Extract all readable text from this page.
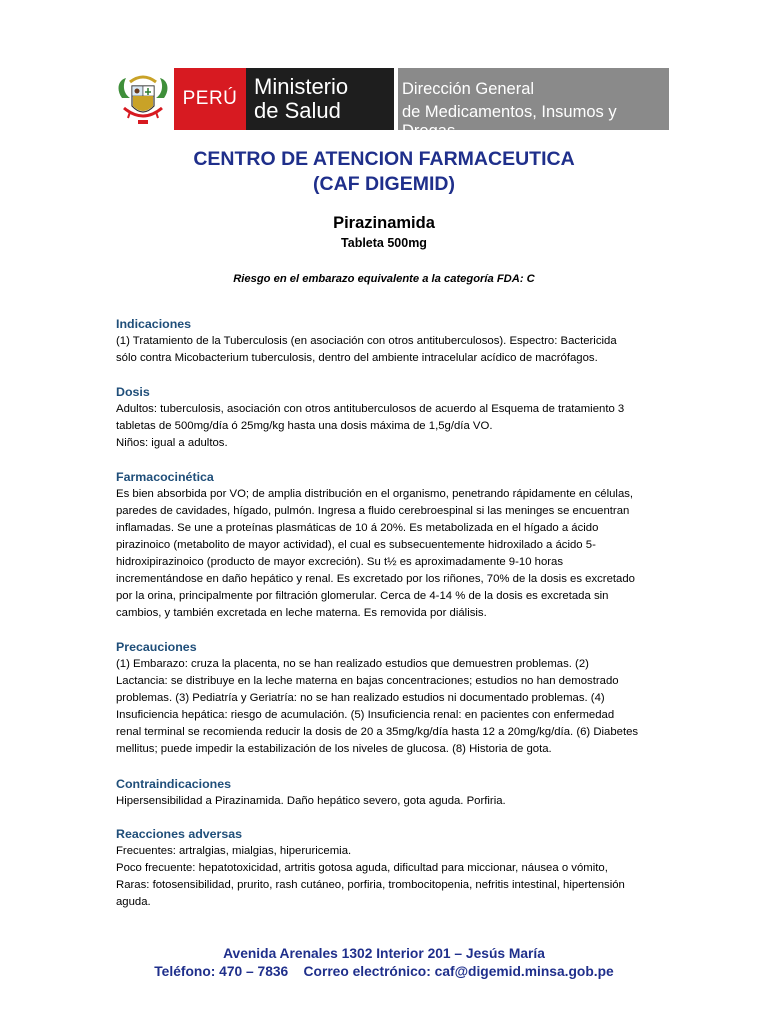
PERÚ Ministerio
de Salud
Dirección General
de Medicamentos, Insumos y Drogas
CENTRO DE ATENCION FARMACEUTICA
(CAF DIGEMID)
Pirazinamida
Tableta 500mg
Riesgo en el embarazo equivalente a la categoría FDA: C
Indicaciones
(1) Tratamiento de la Tuberculosis (en asociación con otros antituberculosos). Espectro: Bactericida
sólo contra Micobacterium tuberculosis, dentro del ambiente intracelular acídico de macrófagos.
Dosis
Adultos: tuberculosis, asociación con otros antituberculosos de acuerdo al Esquema de tratamiento 3
tabletas de 500mg/día ó 25mg/kg hasta una dosis máxima de 1,5g/día VO.
Niños: igual a adultos.
Farmacocinética
Es bien absorbida por VO; de amplia distribución en el organismo, penetrando rápidamente en células,
paredes de cavidades, hígado, pulmón. Ingresa a fluido cerebroespinal si las meninges se encuentran
inflamadas. Se une a proteínas plasmáticas de 10 á 20%. Es metabolizada en el hígado a ácido
pirazinoico (metabolito de mayor actividad), el cual es subsecuentemente hidroxilado a ácido 5-
hidroxipirazinoico (producto de mayor excreción). Su t½ es aproximadamente 9-10 horas
incrementándose en daño hepático y renal. Es excretado por los riñones, 70% de la dosis es excretado
por la orina, principalmente por filtración glomerular. Cerca de 4-14 % de la dosis es excretada sin
cambios, y también excretada en leche materna. Es removida por diálisis.
Precauciones
(1) Embarazo: cruza la placenta, no se han realizado estudios que demuestren problemas. (2)
Lactancia: se distribuye en la leche materna en bajas concentraciones; estudios no han demostrado
problemas. (3) Pediatría y Geriatría: no se han realizado estudios ni documentado problemas. (4)
Insuficiencia hepática: riesgo de acumulación. (5) Insuficiencia renal: en pacientes con enfermedad
renal terminal se recomienda reducir la dosis de 20 a 35mg/kg/día hasta 12 a 20mg/kg/día. (6) Diabetes
mellitus; puede impedir la estabilización de los niveles de glucosa. (8) Historia de gota.
Contraindicaciones
Hipersensibilidad a Pirazinamida. Daño hepático severo, gota aguda. Porfiria.
Reacciones adversas
Frecuentes: artralgias, mialgias, hiperuricemia.
Poco frecuente: hepatotoxicidad, artritis gotosa aguda, dificultad para miccionar, náusea o vómito,
Raras: fotosensibilidad, prurito, rash cutáneo, porfiria, trombocitopenia, nefritis intestinal, hipertensión
aguda.
Avenida Arenales 1302 Interior 201 – Jesús María
Teléfono: 470 – 7836    Correo electrónico: caf@digemid.minsa.gob.pe
